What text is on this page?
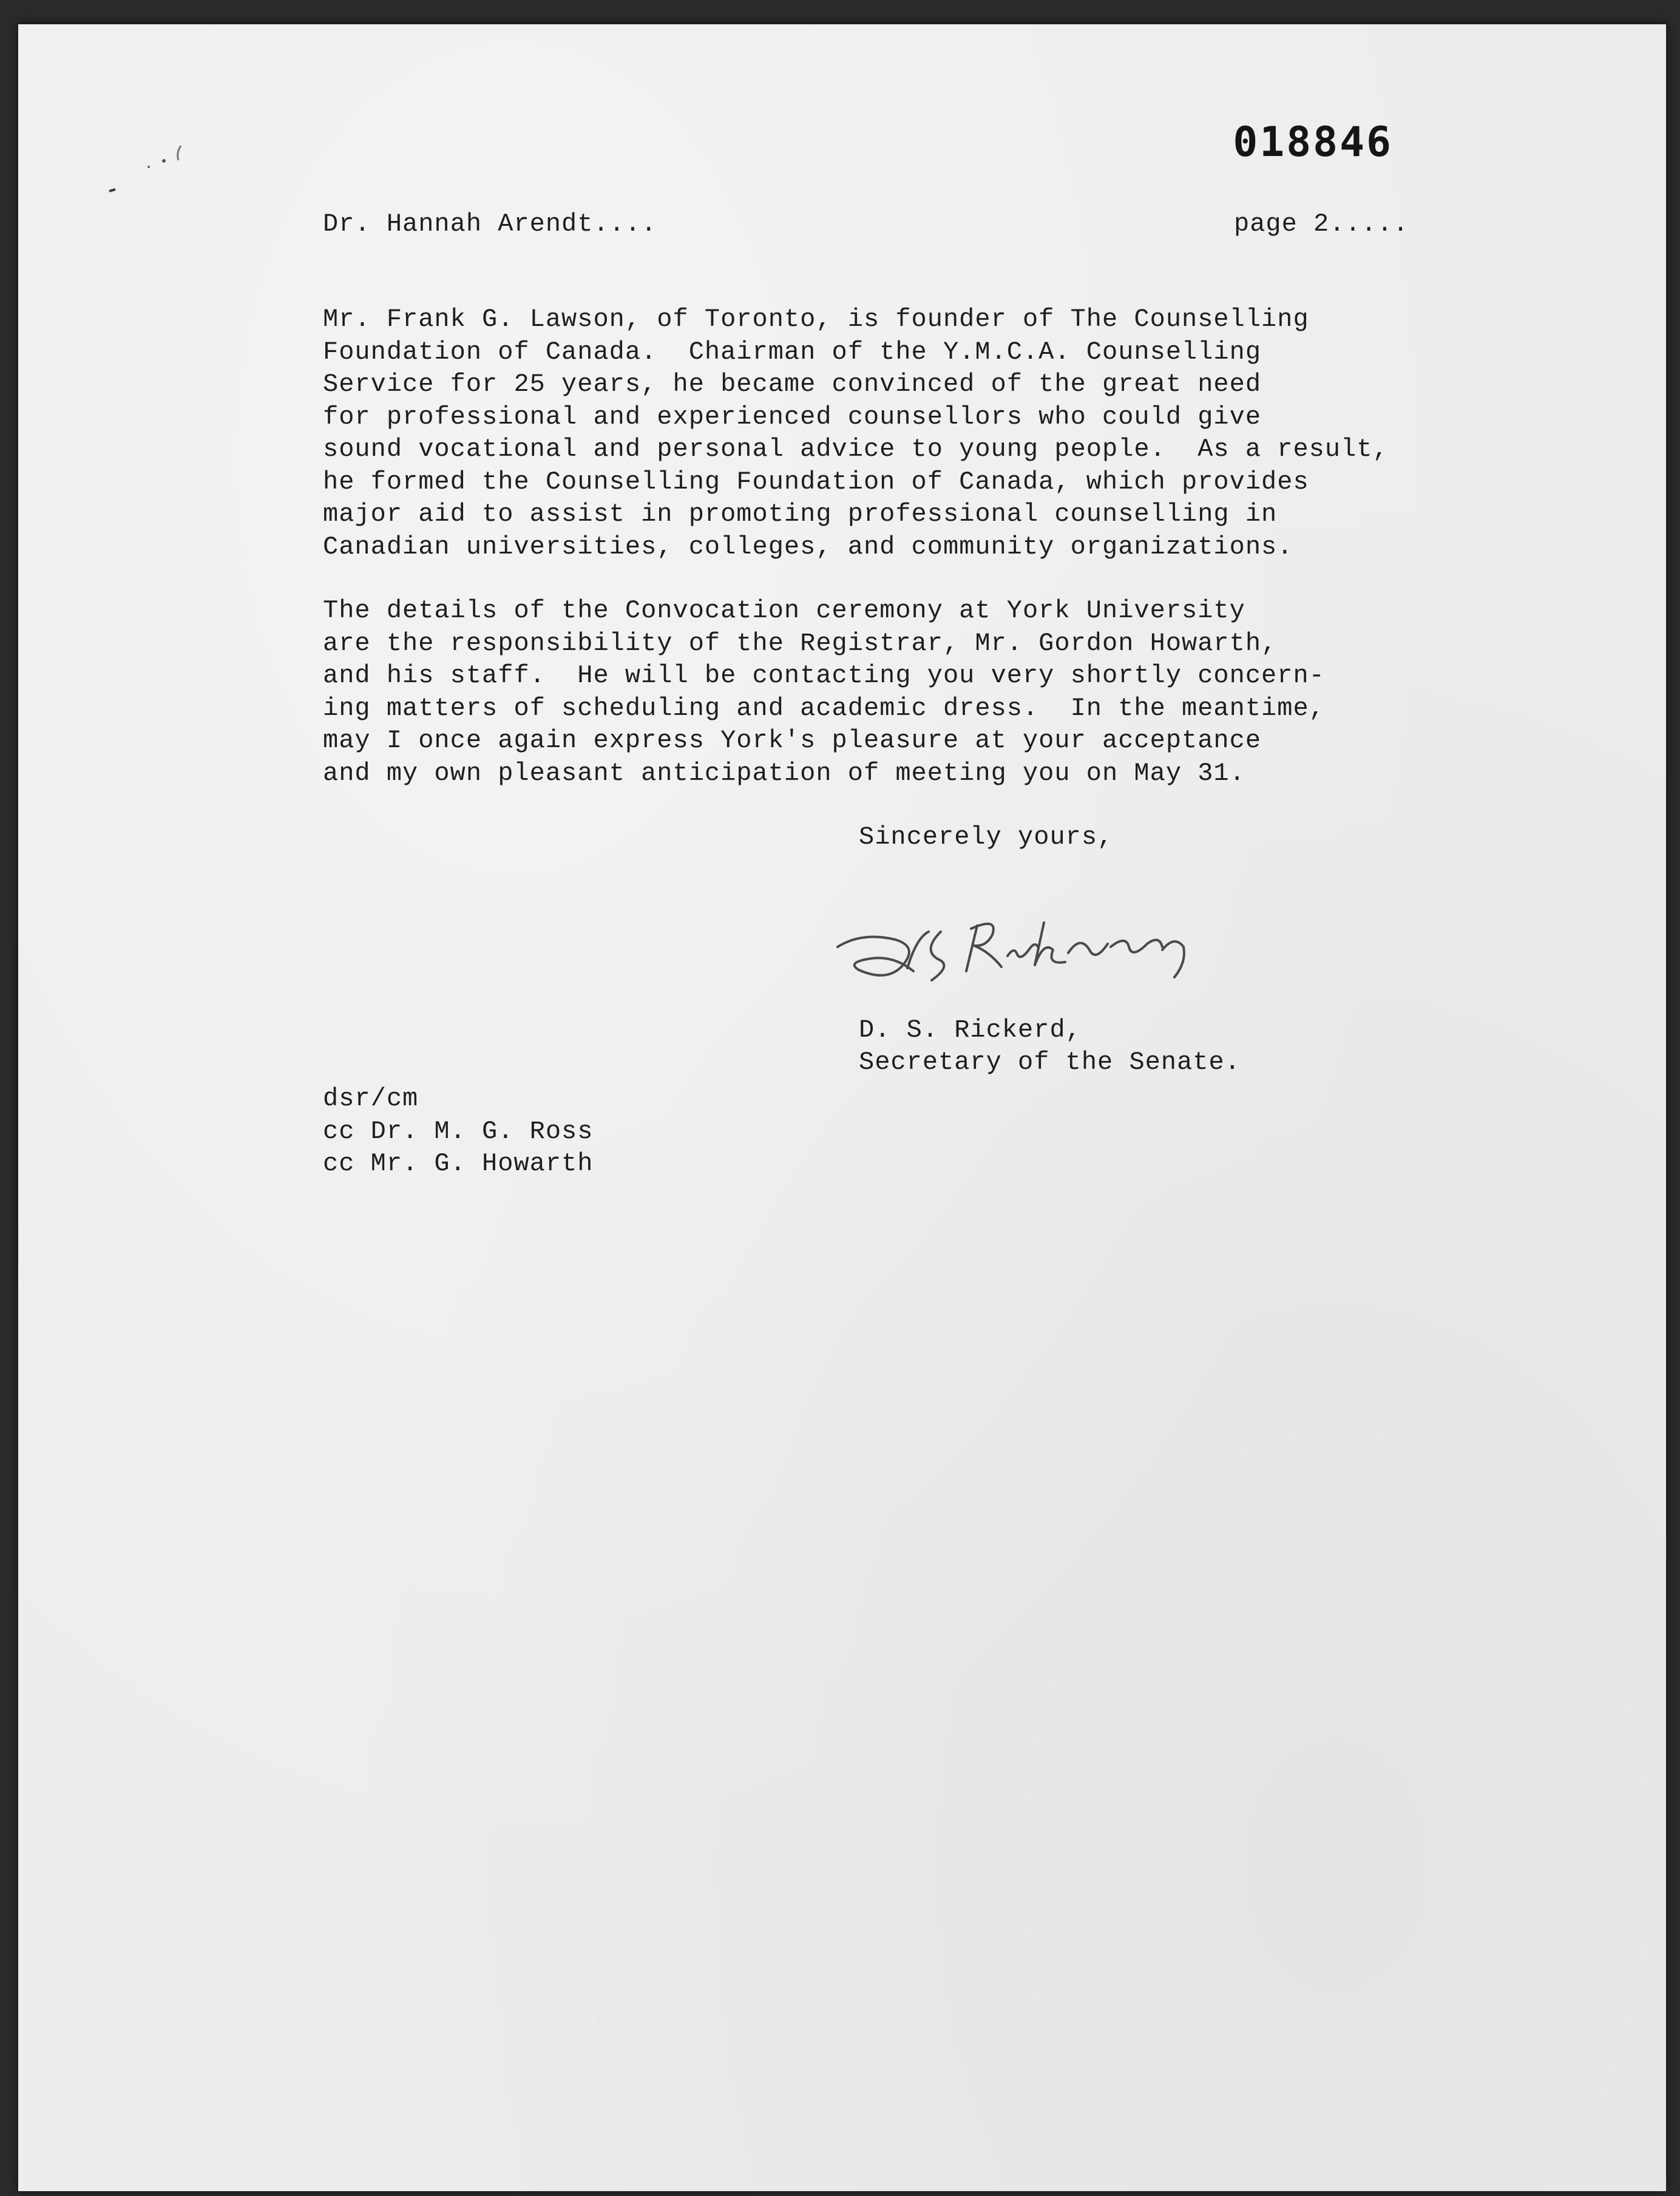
018846

Dr. Hannah Arendt....	page 2.....

Mr. Frank G. Lawson, of Toronto, is founder of The Counselling
Foundation of Canada.  Chairman of the Y.M.C.A. Counselling
Service for 25 years, he became convinced of the great need
for professional and experienced counsellors who could give
sound vocational and personal advice to young people.  As a result,
he formed the Counselling Foundation of Canada, which provides
major aid to assist in promoting professional counselling in
Canadian universities, colleges, and community organizations.
The details of the Convocation ceremony at York University
are the responsibility of the Registrar, Mr. Gordon Howarth,
and his staff.  He will be contacting you very shortly concern-
ing matters of scheduling and academic dress.  In the meantime,
may I once again express York's pleasure at your acceptance
and my own pleasant anticipation of meeting you on May 31.

Sincerely yours,

D. S. Rickerd,

Secretary of the Senate.

dsr/cm
cc Dr. M. G. Ross
cc Mr. G. Howarth
